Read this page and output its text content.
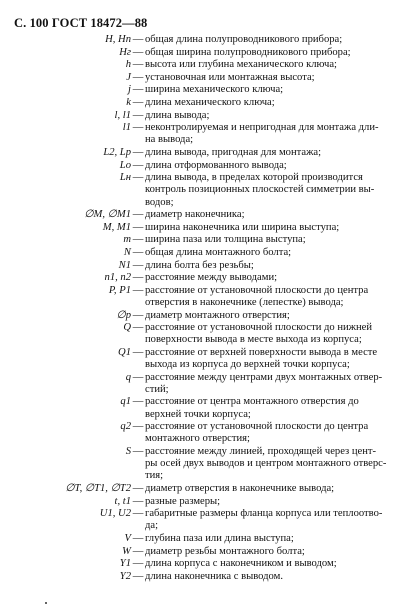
С. 100 ГОСТ 18472—88
H, Hп — общая длина полупроводникового прибора;
Hг — общая ширина полупроводникового прибора;
h — высота или глубина механического ключа;
J — установочная или монтажная высота;
j — ширина механического ключа;
k — длина механического ключа;
l, l1 — длина вывода;
l1 — неконтролируемая и непригодная для монтажа дли-
на вывода;
L2, Lp — длина вывода, пригодная для монтажа;
Lо — длина отформованного вывода;
Lн — длина вывода, в пределах которой производится
контроль позиционных плоскостей симметрии вы-
водов;
∅M, ∅M1 — диаметр наконечника;
M, M1 — ширина наконечника или ширина выступа;
m — ширина паза или толщина выступа;
N — общая длина монтажного болта;
N1 — длина болта без резьбы;
n1, n2 — расстояние между выводами;
P, P1 — расстояние от установочной плоскости до центра
отверстия в наконечнике (лепестке) вывода;
∅p — диаметр монтажного отверстия;
Q — расстояние от установочной плоскости до нижней
поверхности вывода в месте выхода из корпуса;
Q1 — расстояние от верхней поверхности вывода в месте
выхода из корпуса до верхней точки корпуса;
q — расстояние между центрами двух монтажных отвер-
стий;
q1 — расстояние от центра монтажного отверстия до
верхней точки корпуса;
q2 — расстояние от установочной плоскости до центра
монтажного отверстия;
S — расстояние между линией, проходящей через цент-
ры осей двух выводов и центром монтажного отверс-
тия;
∅T, ∅T1, ∅T2 — диаметр отверстия в наконечнике вывода;
t, t1 — разные размеры;
U1, U2 — габаритные размеры фланца корпуса или теплоотво-
да;
V — глубина паза или длина выступа;
W — диаметр резьбы монтажного болта;
Y1 — длина корпуса с наконечником и выводом;
Y2 — длина наконечника с выводом.
